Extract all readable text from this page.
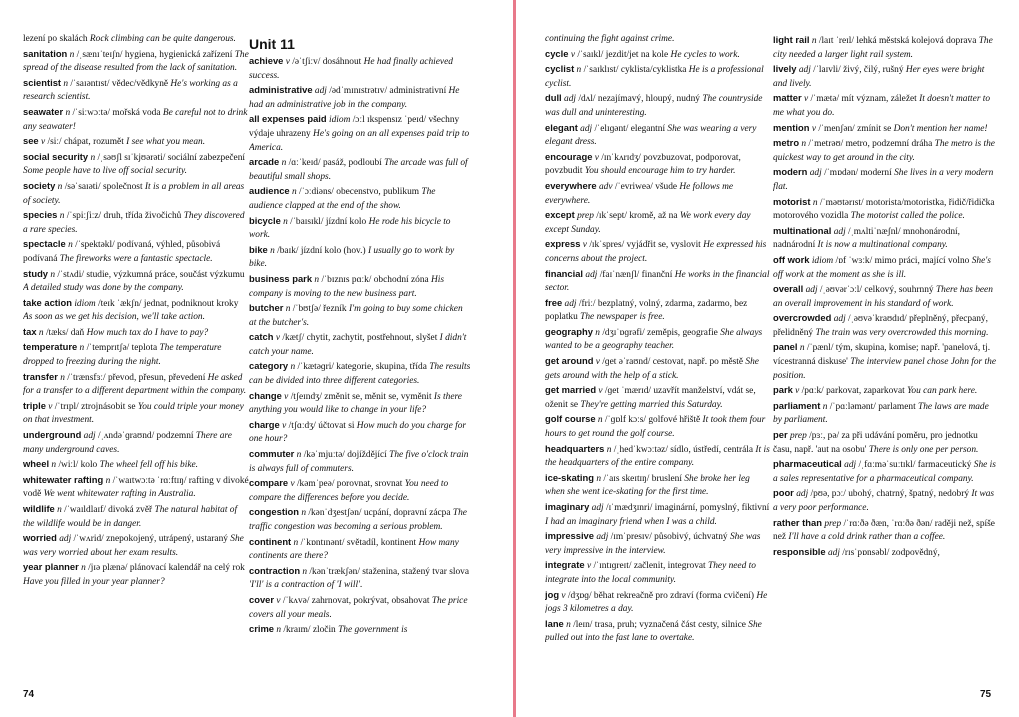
lezení po skalách Rock climbing can be quite dangerous.
sanitation n /ˌsænɪˈteɪʃn/ hygiena, hygienická zařízení The spread of the disease resulted from the lack of sanitation.
scientist n /ˈsaɪəntɪst/ vědec/vědkyně He's working as a research scientist.
seawater n /ˈsiːwɔːtə/ mořská voda Be careful not to drink any seawater!
see v /siː/ chápat, rozumět I see what you mean.
social security n /ˌsəʊʃl sɪˈkjʊərəti/ sociální zabezpečení Some people have to live off social security.
society n /səˈsaɪəti/ společnost It is a problem in all areas of society.
species n /ˈspiːʃiːz/ druh, třída živočichů They discovered a rare species.
spectacle n /ˈspektəkl/ podívaná, výhled, působivá podívaná The fireworks were a fantastic spectacle.
study n /ˈstʌdi/ studie, výzkumná práce, součást výzkumu A detailed study was done by the company.
take action idiom /teɪk ˈækʃn/ jednat, podniknout kroky As soon as we get his decision, we'll take action.
tax n /tæks/ daň How much tax do I have to pay?
temperature n /ˈtemprɪtʃə/ teplota The temperature dropped to freezing during the night.
transfer n /ˈtrænsfɜː/ převod, přesun, převedení He asked for a transfer to a different department within the company.
triple v /ˈtrɪpl/ ztrojnásobit se You could triple your money on that investment.
underground adj /ˌʌndəˈɡraʊnd/ podzemní There are many underground caves.
wheel n /wiːl/ kolo The wheel fell off his bike.
whitewater rafting n /ˈwaɪtwɔːtə ˈrɑːftɪŋ/ rafting v divoké vodě We went whitewater rafting in Australia.
wildlife n /ˈwaɪldlaɪf/ divoká zvěř The natural habitat of the wildlife would be in danger.
worried adj /ˈwʌrid/ znepokojený, utrápený, ustaraný She was very worried about her exam results.
year planner n /jɪə plænə/ plánovací kalendář na celý rok Have you filled in your year planner?
Unit 11
achieve v /əˈtʃiːv/ dosáhnout He had finally achieved success.
administrative adj /ədˈmɪnɪstrətɪv/ administrativní He had an administrative job in the company.
all expenses paid idiom /ɔːl ɪkspensɪz ˈpeɪd/ všechny výdaje uhrazeny He's going on an all expenses paid trip to America.
arcade n /ɑːˈkeɪd/ pasáž, podloubí The arcade was full of beautiful small shops.
audience n /ˈɔːdiəns/ obecenstvo, publikum The audience clapped at the end of the show.
bicycle n /ˈbaɪsɪkl/ jízdní kolo He rode his bicycle to work.
bike n /baɪk/ jízdní kolo (hov.) I usually go to work by bike.
business park n /ˈbɪznɪs pɑːk/ obchodní zóna His company is moving to the new business part.
butcher n /ˈbʊtʃə/ řezník I'm going to buy some chicken at the butcher's.
catch v /kætʃ/ chytit, zachytit, postřehnout, slyšet I didn't catch your name.
category n /ˈkætəɡri/ kategorie, skupina, třída The results can be divided into three different categories.
change v /tʃeɪndʒ/ změnit se, měnit se, vyměnit Is there anything you would like to change in your life?
charge v /tʃɑːdʒ/ účtovat si How much do you charge for one hour?
commuter n /kəˈmjuːtə/ dojíždějící The five o'clock train is always full of commuters.
compare v /kəmˈpeə/ porovnat, srovnat You need to compare the differences before you decide.
congestion n /kənˈdʒestʃən/ ucpání, dopravní zácpa The traffic congestion was becoming a serious problem.
continent n /ˈkɒntɪnənt/ světadíl, kontinent How many continents are there?
contraction n /kənˈtrækʃən/ staženina, stažený tvar slova 'I'll' is a contraction of 'I will'.
cover v /ˈkʌvə/ zahrnovat, pokrývat, obsahovat The price covers all your meals.
crime n /kraɪm/ zločin The government is
continuing the fight against crime.
cycle v /ˈsaɪkl/ jezdit/jet na kole He cycles to work.
cyclist n /ˈsaɪklɪst/ cyklista/cyklistka He is a professional cyclist.
dull adj /dʌl/ nezajímavý, hloupý, nudný The countryside was dull and uninteresting.
elegant adj /ˈelɪɡənt/ elegantní She was wearing a very elegant dress.
encourage v /ɪnˈkʌrɪdʒ/ povzbuzovat, podporovat, povzbudit You should encourage him to try harder.
everywhere adv /ˈevriweə/ všude He follows me everywhere.
except prep /ɪkˈsept/ kromě, až na We work every day except Sunday.
express v /ɪkˈspres/ vyjádřit se, vyslovit He expressed his concerns about the project.
financial adj /faɪˈnænʃl/ finanční He works in the financial sector.
free adj /friː/ bezplatný, volný, zdarma, zadarmo, bez poplatku The newspaper is free.
geography n /dʒɪˈɒɡrəfi/ zeměpis, geografie She always wanted to be a geography teacher.
get around v /ɡet əˈraʊnd/ cestovat, např. po městě She gets around with the help of a stick.
get married v /ɡet ˈmærɪd/ uzavřít manželství, vdát se, oženit se They're getting married this Saturday.
golf course n /ˈɡɒlf kɔːs/ golfové hřiště It took them four hours to get round the golf course.
headquarters n /ˌhedˈkwɔːtəz/ sídlo, ústředí, centrála It is the headquarters of the entire company.
ice-skating n /ˈaɪs skeɪtɪŋ/ bruslení She broke her leg when she went ice-skating for the first time.
imaginary adj /ɪˈmædʒɪnri/ imaginární, pomyslný, fiktivní I had an imaginary friend when I was a child.
impressive adj /ɪmˈpresɪv/ působivý, úchvatný She was very impressive in the interview.
integrate v /ˈɪntɪɡreɪt/ začlenit, integrovat They need to integrate into the local community.
jog v /dʒɒɡ/ běhat rekreačně pro zdraví (forma cvičení) He jogs 3 kilometres a day.
lane n /leɪn/ trasa, pruh; vyznačená část cesty, silnice She pulled out into the fast lane to overtake.
light rail n /laɪt ˈreɪl/ lehká městská kolejová doprava The city needed a larger light rail system.
lively adj /ˈlaɪvli/ živý, čilý, rušný Her eyes were bright and lively.
matter v /ˈmætə/ mít význam, záležet It doesn't matter to me what you do.
mention v /ˈmenʃən/ zmínit se Don't mention her name!
metro n /ˈmetrəʊ/ metro, podzemní dráha The metro is the quickest way to get around in the city.
modern adj /ˈmɒdən/ moderní She lives in a very modern flat.
motorist n /ˈməʊtərɪst/ motorista/motoristka, řidič/řidička motorového vozidla The motorist called the police.
multinational adj /ˌmʌltiˈnæʃnl/ mnohonárodní, nadnárodní It is now a multinational company.
off work idiom /ɒf ˈwɜːk/ mimo práci, mající volno She's off work at the moment as she is ill.
overall adj /ˌəʊvərˈɔːl/ celkový, souhrnný There has been an overall improvement in his standard of work.
overcrowded adj /ˌəʊvəˈkraʊdɪd/ přeplněný, přecpaný, přelidněný The train was very overcrowded this morning.
panel n /ˈpænl/ tým, skupina, komise; např. 'panelová, tj. vícestranná diskuse' The interview panel chose John for the position.
park v /pɑːk/ parkovat, zaparkovat You can park here.
parliament n /ˈpɑːləmənt/ parlament The laws are made by parliament.
per prep /pɜː, pə/ za při udávání poměru, pro jednotku času, např. 'aut na osobu' There is only one per person.
pharmaceutical adj /ˌfɑːməˈsuːtɪkl/ farmaceutický She is a sales representative for a pharmaceutical company.
poor adj /pʊə, pɔː/ ubohý, chatrný, špatný, nedobrý It was a very poor performance.
rather than prep /ˈrɑːðə ðæn, ˈrɑːðə ðən/ raději než, spíše než I'll have a cold drink rather than a coffee.
responsible adj /rɪsˈpɒnsəbl/ zodpovědný,
74	75
